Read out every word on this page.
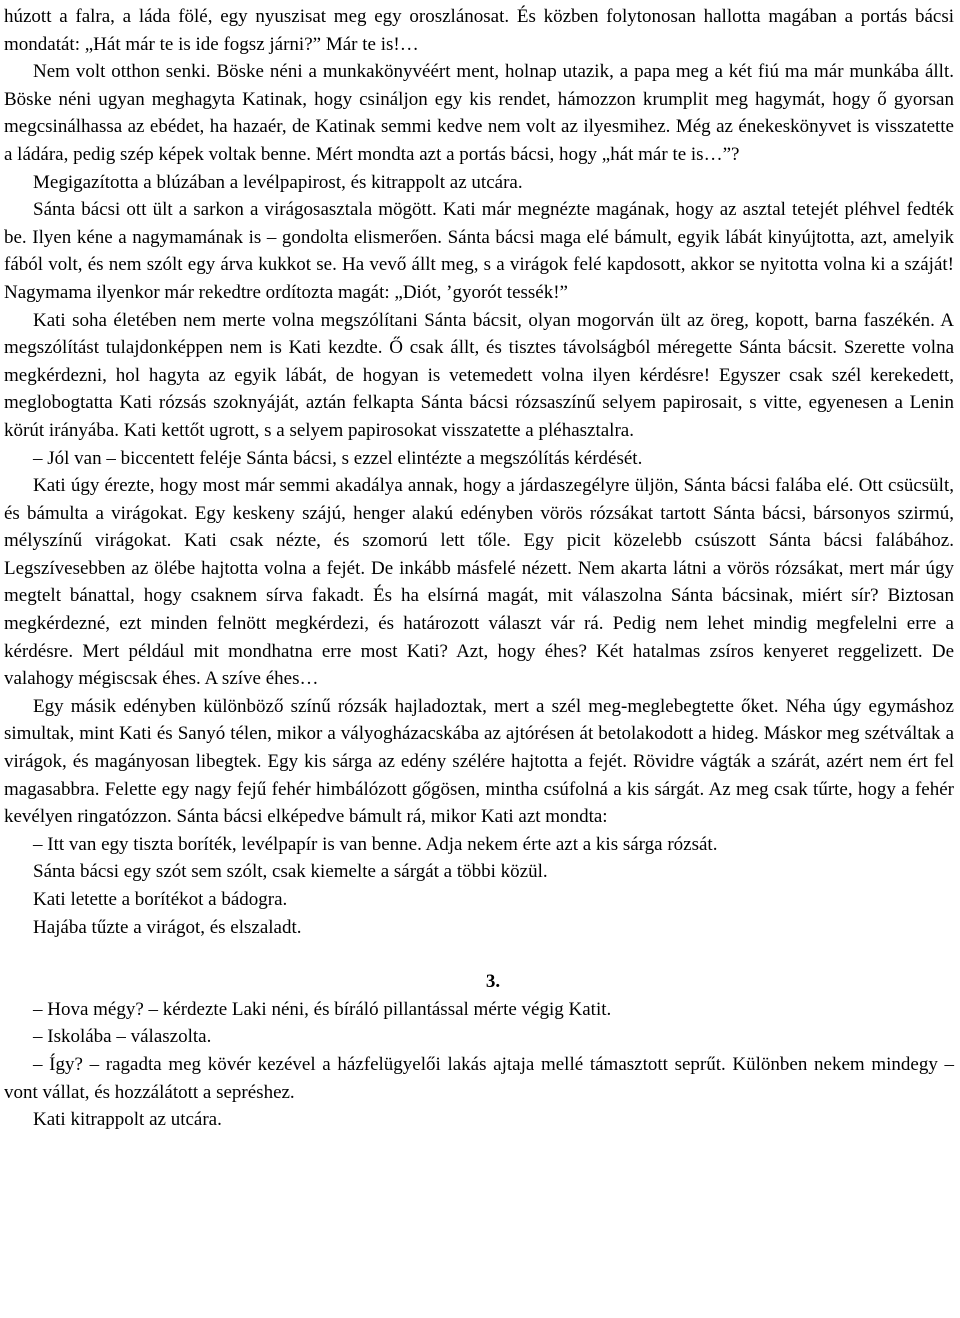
húzott a falra, a láda fölé, egy nyuszisat meg egy oroszlánosat. És közben folytonosan hallotta magában a portás bácsi mondatát: „Hát már te is ide fogsz járni?” Már te is!…

Nem volt otthon senki. Böske néni a munkakönyvéért ment, holnap utazik, a papa meg a két fiú ma már munkába állt. Böske néni ugyan meghagyta Katinak, hogy csináljon egy kis rendet, hámozzon krumplit meg hagymát, hogy ő gyorsan megcsinálhassa az ebédet, ha hazaér, de Katinak semmi kedve nem volt az ilyesmihez. Még az énekeskönyvet is visszatette a ládára, pedig szép képek voltak benne. Mért mondta azt a portás bácsi, hogy „hát már te is…”?

Megigazította a blúzában a levélpapirost, és kitrappolt az utcára.

Sánta bácsi ott ült a sarkon a virágosasztala mögött. Kati már megnézte magának, hogy az asztal tetejét pléhvel fedték be. Ilyen kéne a nagymamának is – gondolta elismerően. Sánta bácsi maga elé bámult, egyik lábát kinyújtotta, azt, amelyik fából volt, és nem szólt egy árva kukkot se. Ha vevő állt meg, s a virágok felé kapdosott, akkor se nyitotta volna ki a száját! Nagymama ilyenkor már rekedtre ordítozta magát: „Diót, ’gyorót tessék!”

Kati soha életében nem merte volna megszólítani Sánta bácsit, olyan mogorván ült az öreg, kopott, barna faszékén. A megszólítást tulajdonképpen nem is Kati kezdte. Ő csak állt, és tisztes távolságból méregette Sánta bácsit. Szerette volna megkérdezni, hol hagyta az egyik lábát, de hogyan is vetemedett volna ilyen kérdésre! Egyszer csak szél kerekedett, meglobogtatta Kati rózsás szoknyáját, aztán felkapta Sánta bácsi rózsaszínű selyem papirosait, s vitte, egyenesen a Lenin körút irányába. Kati kettőt ugrott, s a selyem papirosokat visszatette a pléhasztalra.

– Jól van – biccentett feléje Sánta bácsi, s ezzel elintézte a megszólítás kérdését.

Kati úgy érezte, hogy most már semmi akadálya annak, hogy a járdaszegélyre üljön, Sánta bácsi falába elé. Ott csücsült, és bámulta a virágokat. Egy keskeny szájú, henger alakú edényben vörös rózsákat tartott Sánta bácsi, bársonyos szirmú, mélyszínű virágokat. Kati csak nézte, és szomorú lett tőle. Egy picit közelebb csúszott Sánta bácsi falábához. Legszívesebben az ölébe hajtotta volna a fejét. De inkább másfelé nézett. Nem akarta látni a vörös rózsákat, mert már úgy megtelt bánattal, hogy csaknem sírva fakadt. És ha elsírná magát, mit válaszolna Sánta bácsinak, miért sír? Biztosan megkérdezné, ezt minden felnött megkérdezi, és határozott választ vár rá. Pedig nem lehet mindig megfelelni erre a kérdésre. Mert például mit mondhatna erre most Kati? Azt, hogy éhes? Két hatalmas zsíros kenyeret reggelizett. De valahogy mégiscsak éhes. A szíve éhes…

Egy másik edényben különböző színű rózsák hajladoztak, mert a szél meg-meglebegtette őket. Néha úgy egymáshoz simultak, mint Kati és Sanyó télen, mikor a vályogházacskába az ajtórésen át betolakodott a hideg. Máskor meg szétváltak a virágok, és magányosan libegtek. Egy kis sárga az edény szélére hajtotta a fejét. Rövidre vágták a szárát, azért nem ért fel magasabbra. Felette egy nagy fejű fehér himbálózott gőgösen, mintha csúfolná a kis sárgát. Az meg csak tűrte, hogy a fehér kevélyen ringatózzon. Sánta bácsi elképedve bámult rá, mikor Kati azt mondta:

– Itt van egy tiszta boríték, levélpapír is van benne. Adja nekem érte azt a kis sárga rózsát.

Sánta bácsi egy szót sem szólt, csak kiemelte a sárgát a többi közül.

Kati letette a borítékot a bádogra.

Hajába tűzte a virágot, és elszaladt.

3.

– Hova mégy? – kérdezte Laki néni, és bíráló pillantással mérte végig Katit.

– Iskolába – válaszolta.

– Így? – ragadta meg kövér kezével a házfelügyelői lakás ajtaja mellé támasztott seprűt. Különben nekem mindegy – vont vállat, és hozzálátott a sepréshez.

Kati kitrappolt az utcára.
